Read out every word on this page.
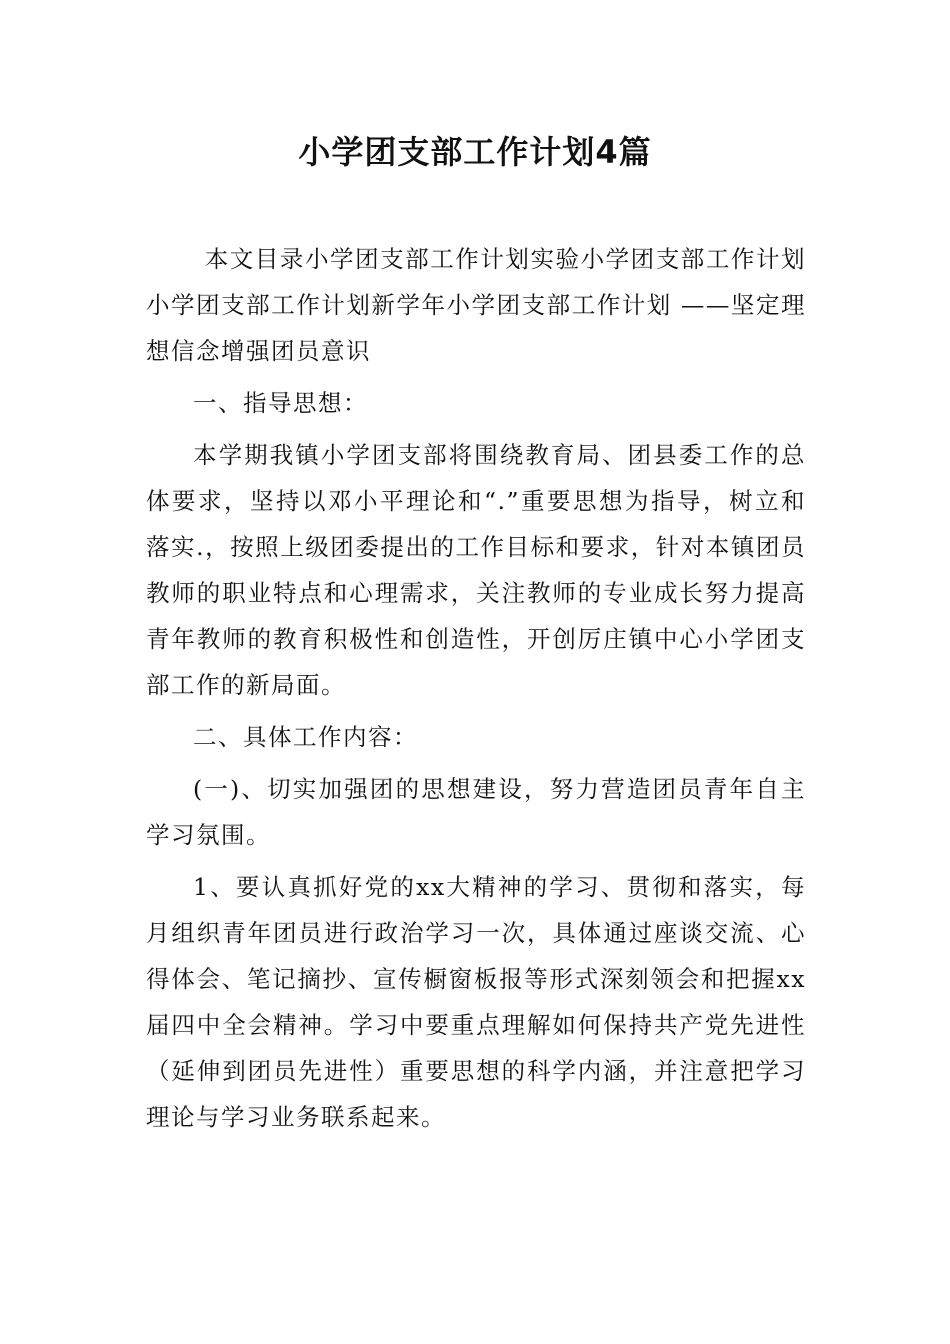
小学团支部工作计划4篇

本文目录小学团支部工作计划实验小学团支部工作计划小学团支部工作计划新学年小学团支部工作计划 ——坚定理想信念增强团员意识

一、指导思想：

本学期我镇小学团支部将围绕教育局、团县委工作的总体要求，坚持以邓小平理论和“.”重要思想为指导，树立和落实.，按照上级团委提出的工作目标和要求，针对本镇团员教师的职业特点和心理需求，关注教师的专业成长努力提高青年教师的教育积极性和创造性，开创厉庄镇中心小学团支部工作的新局面。

二、具体工作内容：

(一)、切实加强团的思想建设，努力营造团员青年自主学习氛围。

1、要认真抓好党的xx大精神的学习、贯彻和落实，每月组织青年团员进行政治学习一次，具体通过座谈交流、心得体会、笔记摘抄、宣传橱窗板报等形式深刻领会和把握xx届四中全会精神。学习中要重点理解如何保持共产党先进性（延伸到团员先进性）重要思想的科学内涵，并注意把学习理论与学习业务联系起来。
